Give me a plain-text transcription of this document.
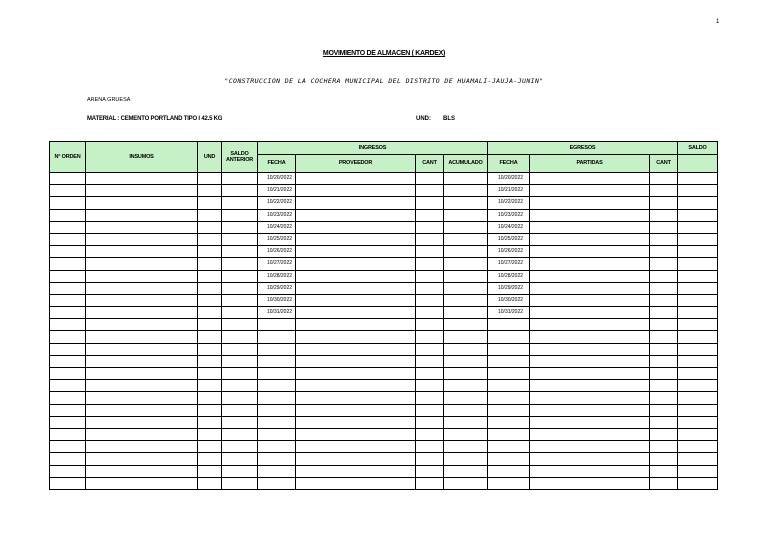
1
MOVIMIENTO DE ALMACEN ( KARDEX)
"CONSTRUCCION DE LA COCHERA MUNICIPAL DEL DISTRITO DE HUAMALI-JAUJA-JUNIN"
ARENA GRUESA
MATERIAL : CEMENTO PORTLAND TIPO I 42.5 KG	UND: BLS
N° ORDEN	INSUMOS	UND	SALDO ANTERIOR	INGRESOS				EGRESOS			SALDO
				FECHA	PROVEEDOR	CANT	ACUMULADO	FECHA	PARTIDAS	CANT	
				10/20/2022				10/20/2022			
				10/21/2022				10/21/2022			
				10/22/2022				10/22/2022			
				10/23/2022				10/23/2022			
				10/24/2022				10/24/2022			
				10/25/2022				10/25/2022			
				10/26/2022				10/26/2022			
				10/27/2022				10/27/2022			
				10/28/2022				10/28/2022			
				10/29/2022				10/29/2022			
				10/30/2022				10/30/2022			
				10/31/2022				10/31/2022			
